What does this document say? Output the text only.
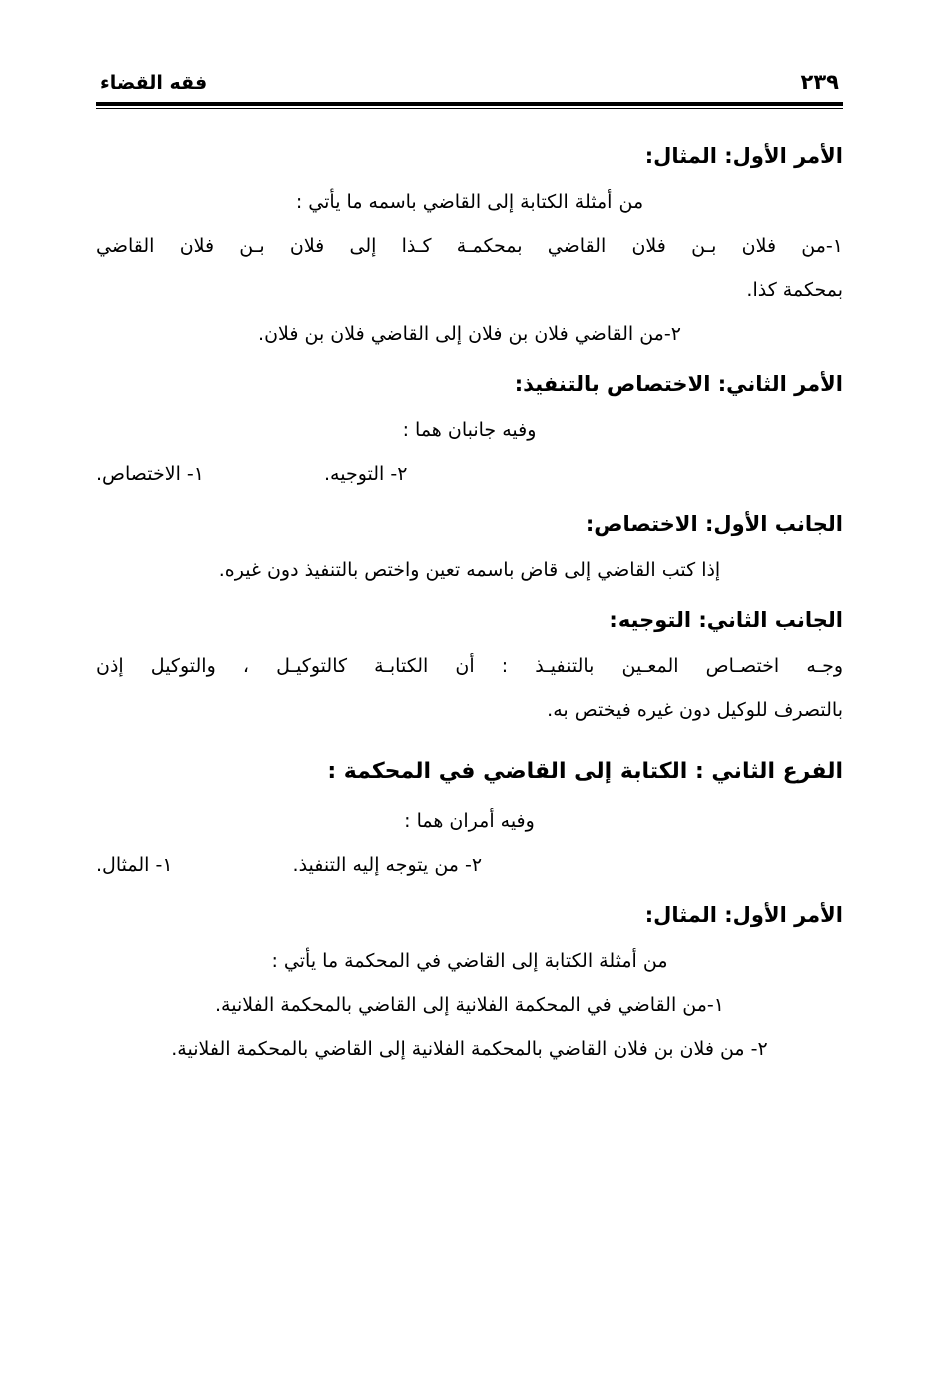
فقه القضاء	٢٣٩
الأمر الأول: المثال:
من أمثلة الكتابة إلى القاضي باسمه ما يأتي :
١-من فلان بـن فلان القاضي بمحكمـة كـذا إلى فلان بـن فلان القاضي
بمحكمة كذا.
٢-من القاضي فلان بن فلان إلى القاضي فلان بن فلان.
الأمر الثاني: الاختصاص بالتنفيذ:
وفيه جانبان هما :
١- الاختصاص.	٢- التوجيه.
الجانب الأول: الاختصاص:
إذا كتب القاضي إلى قاض باسمه تعين واختص بالتنفيذ دون غيره.
الجانب الثاني: التوجيه:
وجـه اختصـاص المعـين بالتنفيـذ : أن الكتابـة كالتوكيـل ، والتوكيل إذن
بالتصرف للوكيل دون غيره فيختص به.
الفرع الثاني : الكتابة إلى القاضي في المحكمة :
وفيه أمران هما :
١- المثال.	٢- من يتوجه إليه التنفيذ.
الأمر الأول: المثال:
من أمثلة الكتابة إلى القاضي في المحكمة ما يأتي :
١-من القاضي في المحكمة الفلانية إلى القاضي بالمحكمة الفلانية.
٢- من فلان بن فلان القاضي بالمحكمة الفلانية إلى القاضي بالمحكمة الفلانية.
